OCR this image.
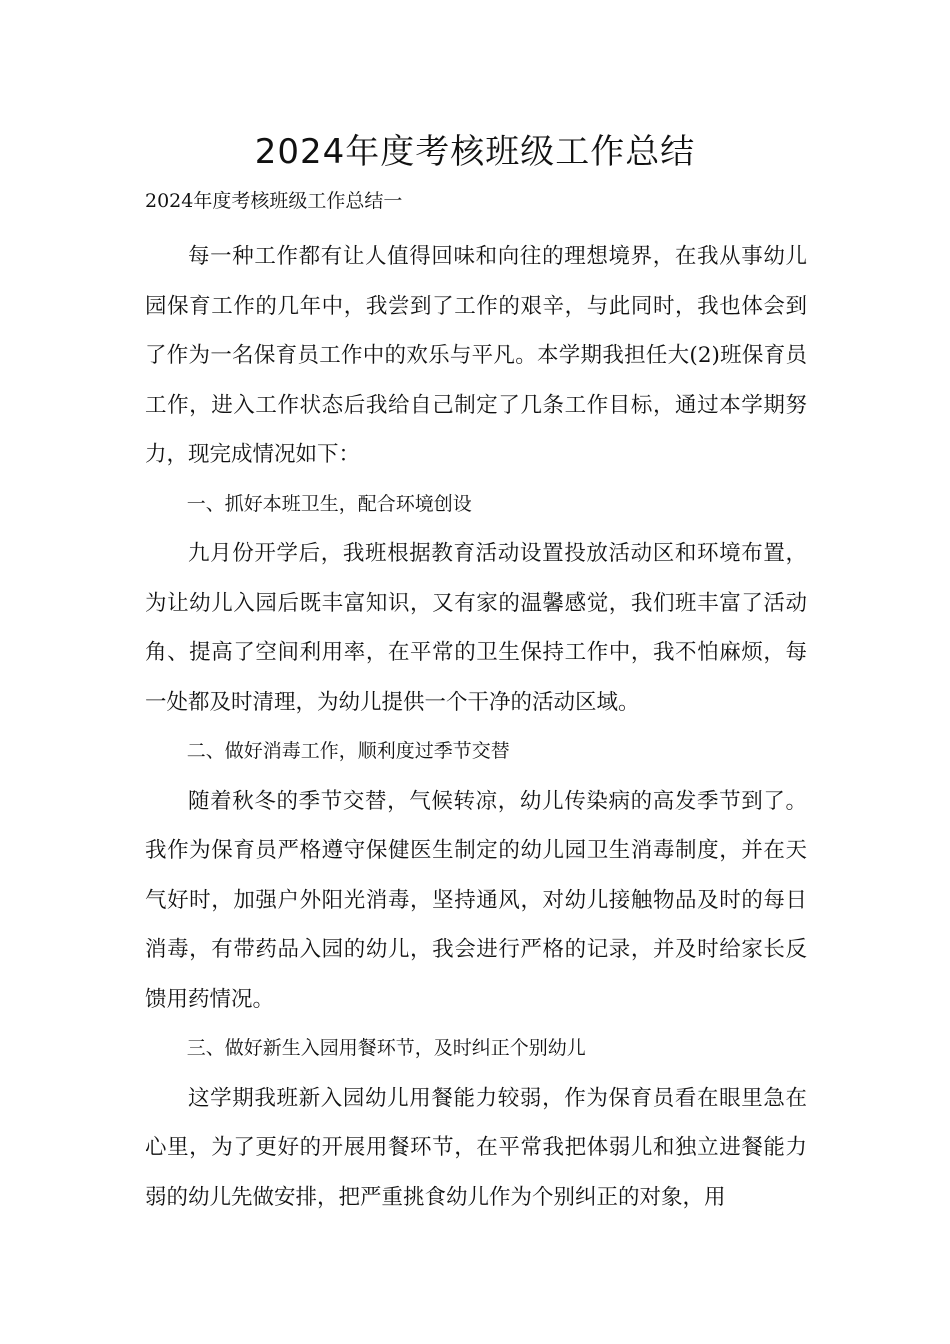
2024年度考核班级工作总结

2024年度考核班级工作总结一

每一种工作都有让人值得回味和向往的理想境界，在我从事幼儿园保育工作的几年中，我尝到了工作的艰辛，与此同时，我也体会到了作为一名保育员工作中的欢乐与平凡。本学期我担任大(2)班保育员工作，进入工作状态后我给自己制定了几条工作目标，通过本学期努力，现完成情况如下：

一、抓好本班卫生，配合环境创设

九月份开学后，我班根据教育活动设置投放活动区和环境布置，为让幼儿入园后既丰富知识，又有家的温馨感觉，我们班丰富了活动角、提高了空间利用率，在平常的卫生保持工作中，我不怕麻烦，每一处都及时清理，为幼儿提供一个干净的活动区域。

二、做好消毒工作，顺利度过季节交替

随着秋冬的季节交替，气候转凉，幼儿传染病的高发季节到了。我作为保育员严格遵守保健医生制定的幼儿园卫生消毒制度，并在天气好时，加强户外阳光消毒，坚持通风，对幼儿接触物品及时的每日消毒，有带药品入园的幼儿，我会进行严格的记录，并及时给家长反馈用药情况。

三、做好新生入园用餐环节，及时纠正个别幼儿

这学期我班新入园幼儿用餐能力较弱，作为保育员看在眼里急在心里，为了更好的开展用餐环节，在平常我把体弱儿和独立进餐能力弱的幼儿先做安排，把严重挑食幼儿作为个别纠正的对象，用
